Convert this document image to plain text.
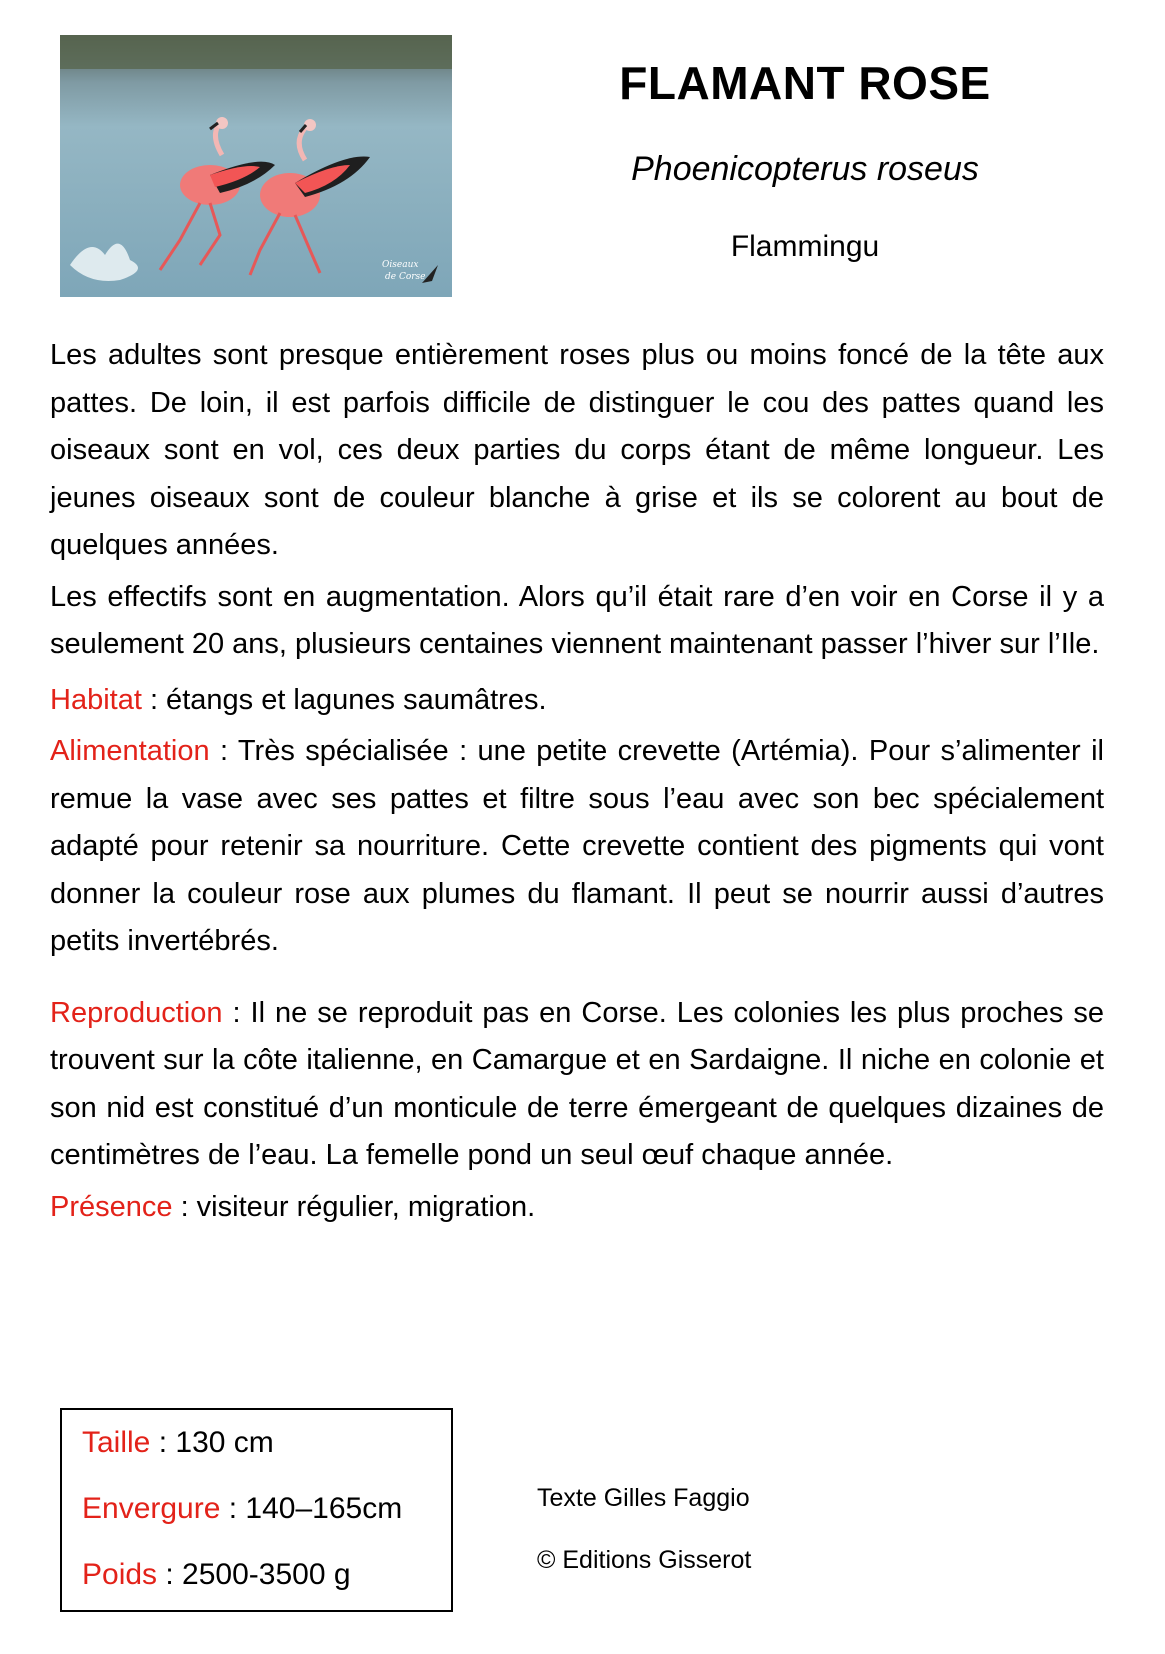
Oiseaux
de Corse
FLAMANT ROSE
Phoenicopterus roseus
Flammingu

Les adultes sont presque entièrement roses plus ou moins foncé de la tête aux pattes. De loin, il est parfois difficile de distinguer le cou des pattes quand les oiseaux sont en vol, ces deux parties du corps étant de même longueur. Les jeunes oiseaux sont de couleur blanche à grise et ils se colorent au bout de quelques années.

Les effectifs sont en augmentation. Alors qu’il était rare d’en voir en Corse il y a seulement 20 ans, plusieurs centaines viennent maintenant passer l’hiver sur l’Ile.

Habitat : étangs et lagunes saumâtres.

Alimentation : Très spécialisée : une petite crevette (Artémia). Pour s’alimenter il remue la vase avec ses pattes et filtre sous l’eau avec son bec spécialement adapté pour retenir sa nourriture. Cette crevette contient des pigments qui vont donner la couleur rose aux plumes du flamant. Il peut se nourrir aussi d’autres petits invertébrés.

Reproduction : Il ne se reproduit pas en Corse. Les colonies les plus proches se trouvent sur la côte italienne, en Camargue et en Sardaigne. Il niche en colonie et son nid est constitué d’un monticule de terre émergeant de quelques dizaines de centimètres de l’eau. La femelle pond un seul œuf chaque année.

Présence : visiteur régulier, migration.

Taille : 130 cm
Envergure : 140–165cm
Poids : 2500-3500 g
Texte Gilles Faggio
© Editions Gisserot
